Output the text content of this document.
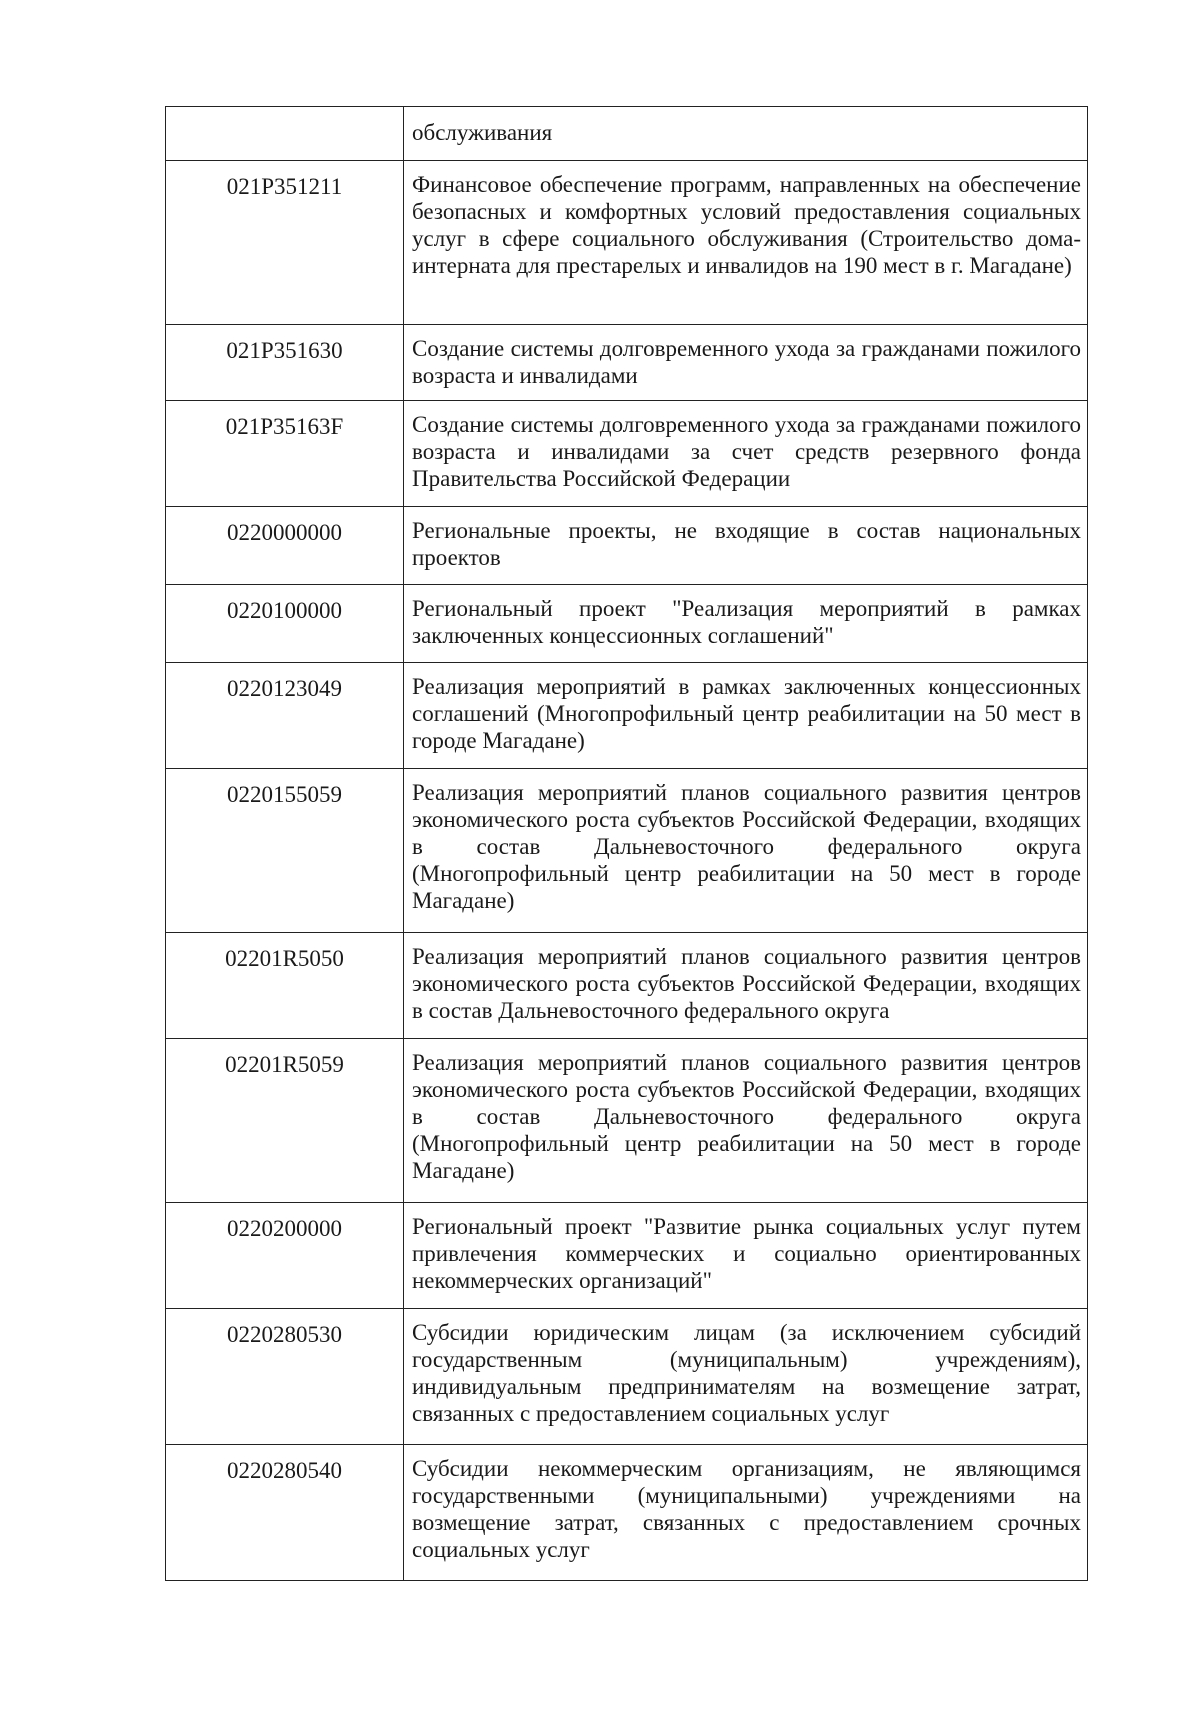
	обслуживания
021P351211	Финансовое обеспечение программ, направленных на обеспечение безопасных и комфортных условий предоставления социальных услуг в сфере социального обслуживания (Строительство дома-интерната для престарелых и инвалидов на 190 мест в г. Магадане)
021P351630	Создание системы долговременного ухода за гражданами пожилого возраста и инвалидами
021P35163F	Создание системы долговременного ухода за гражданами пожилого возраста и инвалидами за счет средств резервного фонда Правительства Российской Федерации
0220000000	Региональные проекты, не входящие в состав национальных проектов
0220100000	Региональный проект "Реализация мероприятий в рамках заключенных концессионных соглашений"
0220123049	Реализация мероприятий в рамках заключенных концессионных соглашений (Многопрофильный центр реабилитации на 50 мест в городе Магадане)
0220155059	Реализация мероприятий планов социального развития центров экономического роста субъектов Российской Федерации, входящих в состав Дальневосточного федерального округа (Многопрофильный центр реабилитации на 50 мест в городе Магадане)
02201R5050	Реализация мероприятий планов социального развития центров экономического роста субъектов Российской Федерации, входящих в состав Дальневосточного федерального округа
02201R5059	Реализация мероприятий планов социального развития центров экономического роста субъектов Российской Федерации, входящих в состав Дальневосточного федерального округа (Многопрофильный центр реабилитации на 50 мест в городе Магадане)
0220200000	Региональный проект "Развитие рынка социальных услуг путем привлечения коммерческих и социально ориентированных некоммерческих организаций"
0220280530	Субсидии юридическим лицам (за исключением субсидий государственным (муниципальным) учреждениям), индивидуальным предпринимателям на возмещение затрат, связанных с предоставлением социальных услуг
0220280540	Субсидии некоммерческим организациям, не являющимся государственными (муниципальными) учреждениями на возмещение затрат, связанных с предоставлением срочных социальных услуг
